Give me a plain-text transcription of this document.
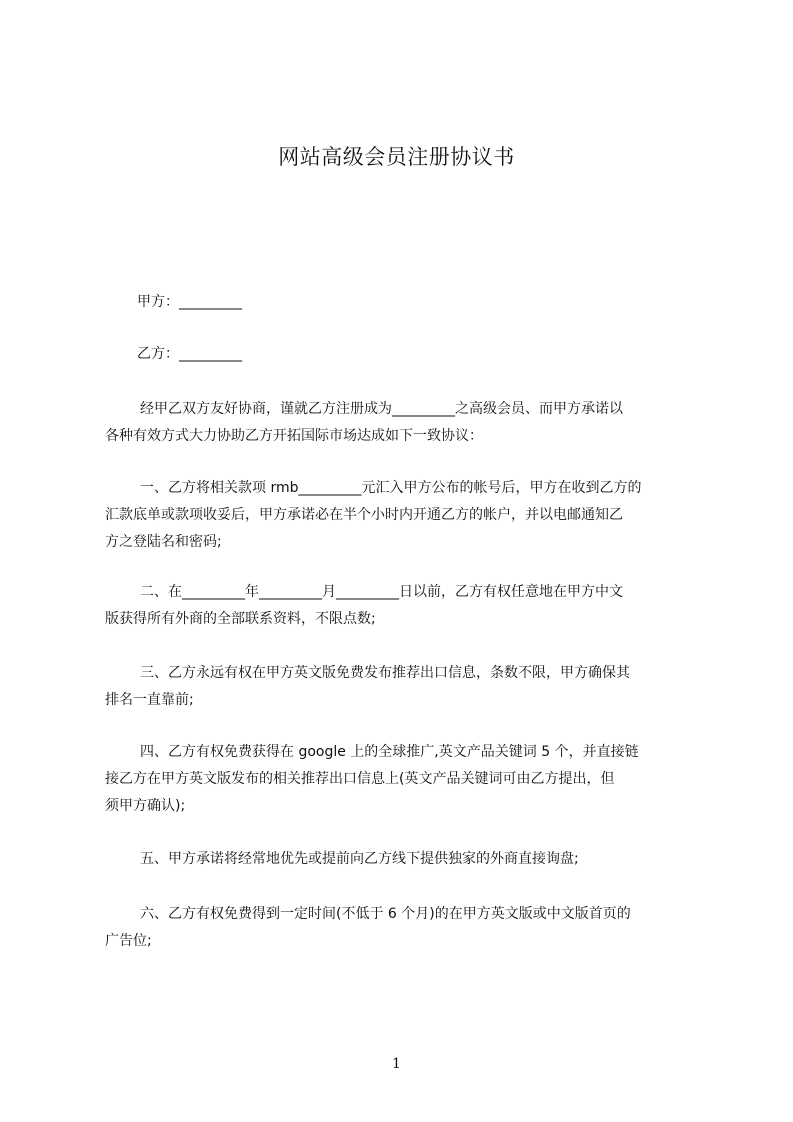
网站高级会员注册协议书
甲方：_________
乙方：_________
经甲乙双方友好协商，谨就乙方注册成为_________之高级会员、而甲方承诺以
各种有效方式大力协助乙方开拓国际市场达成如下一致协议：
一、乙方将相关款项 rmb_________元汇入甲方公布的帐号后，甲方在收到乙方的
汇款底单或款项收妥后，甲方承诺必在半个小时内开通乙方的帐户，并以电邮通知乙
方之登陆名和密码;
二、在_________年_________月_________日以前，乙方有权任意地在甲方中文
版获得所有外商的全部联系资料，不限点数;
三、乙方永远有权在甲方英文版免费发布推荐出口信息，条数不限，甲方确保其
排名一直靠前;
四、乙方有权免费获得在 google 上的全球推广,英文产品关键词 5 个，并直接链
接乙方在甲方英文版发布的相关推荐出口信息上(英文产品关键词可由乙方提出，但
须甲方确认);
五、甲方承诺将经常地优先或提前向乙方线下提供独家的外商直接询盘;
六、乙方有权免费得到一定时间(不低于 6 个月)的在甲方英文版或中文版首页的
广告位;
1
